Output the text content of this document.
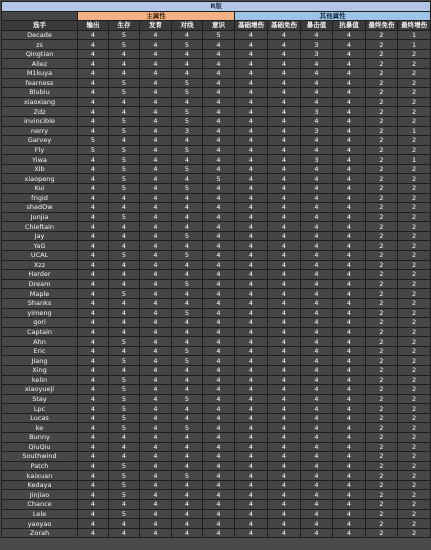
R版											
	主属性					其他属性					
选手	输出	生存	发育	对线	意识	基础增伤	基础免伤	暴击值	抗暴值	最终免伤	最终增伤
Decade	4	5	4	4	5	4	4	4	4	2	1
zs	4	5	4	5	4	4	4	3	4	2	1
Qingtian	4	4	4	4	4	4	4	3	4	2	2
Aliez	4	4	4	4	4	4	4	4	4	2	2
M1kuya	4	4	4	4	4	4	4	4	4	2	2
fearness	4	5	4	5	4	4	4	4	4	2	2
Blubiu	4	5	4	5	4	4	4	4	4	2	2
xiaoxiang	4	4	4	4	4	4	4	4	4	2	2
Zdz	4	4	4	5	4	4	4	3	4	2	2
invincible	4	5	4	5	4	4	4	4	4	2	2
nerry	4	5	4	3	4	4	4	3	4	2	1
Garvey	5	4	4	4	4	4	4	4	4	2	2
Fly	5	5	4	5	4	4	4	4	4	2	2
Yiwa	4	5	4	4	4	4	4	3	4	2	1
Xlb	4	5	4	5	4	4	4	4	4	2	2
xiaopeng	4	5	4	4	5	4	4	4	4	2	2
Kui	4	5	4	5	4	4	4	4	4	2	2
frigid	4	4	4	4	4	4	4	4	4	2	2
shadOw	4	4	4	4	4	4	4	4	4	2	2
Junjia	4	5	4	4	4	4	4	4	4	2	2
Chieftain	4	4	4	4	4	4	4	4	4	2	2
Jay	4	4	4	5	4	4	4	4	4	2	2
YaG	4	4	4	4	4	4	4	4	4	2	2
UCAL	4	5	4	5	4	4	4	4	4	2	2
Xzz	4	4	4	4	4	4	4	4	4	2	2
Harder	4	4	4	4	4	4	4	4	4	2	2
Dream	4	4	4	5	4	4	4	4	4	2	2
Maple	4	5	4	4	4	4	4	4	4	2	2
Shanks	4	4	4	4	4	4	4	4	4	2	2
yimeng	4	4	4	5	4	4	4	4	4	2	2
gori	4	4	4	4	4	4	4	4	4	2	2
Captain	4	4	4	4	4	4	4	4	4	2	2
Ahn	4	5	4	4	4	4	4	4	4	2	2
Eric	4	4	4	5	4	4	4	4	4	2	2
Jiang	4	5	4	5	4	4	4	4	4	2	2
Xing	4	4	4	4	4	4	4	4	4	2	2
kelin	4	5	4	4	4	4	4	4	4	2	2
xiaoyueji	4	5	4	4	4	4	4	4	4	2	2
Stay	4	5	4	5	4	4	4	4	4	2	2
Lpc	4	5	4	4	4	4	4	4	4	2	2
Lucas	4	5	4	4	4	4	4	4	4	2	2
ke	4	5	4	5	4	4	4	4	4	2	2
Bunny	4	4	4	4	4	4	4	4	4	2	2
QiuQiu	4	4	4	4	4	4	4	4	4	2	2
Southwind	4	4	4	4	4	4	4	4	4	2	2
Patch	4	5	4	4	4	4	4	4	4	2	2
kaixuan	4	5	4	5	4	4	4	4	4	2	2
Kedaya	4	5	4	4	4	4	4	4	4	2	2
Jinjiao	4	5	4	4	4	4	4	4	4	2	2
Chance	4	4	4	4	4	4	4	4	4	2	2
Lele	4	5	4	4	4	4	4	4	4	2	2
yaoyao	4	4	4	4	4	4	4	4	4	2	2
Zorah	4	4	4	4	4	4	4	4	4	2	2
